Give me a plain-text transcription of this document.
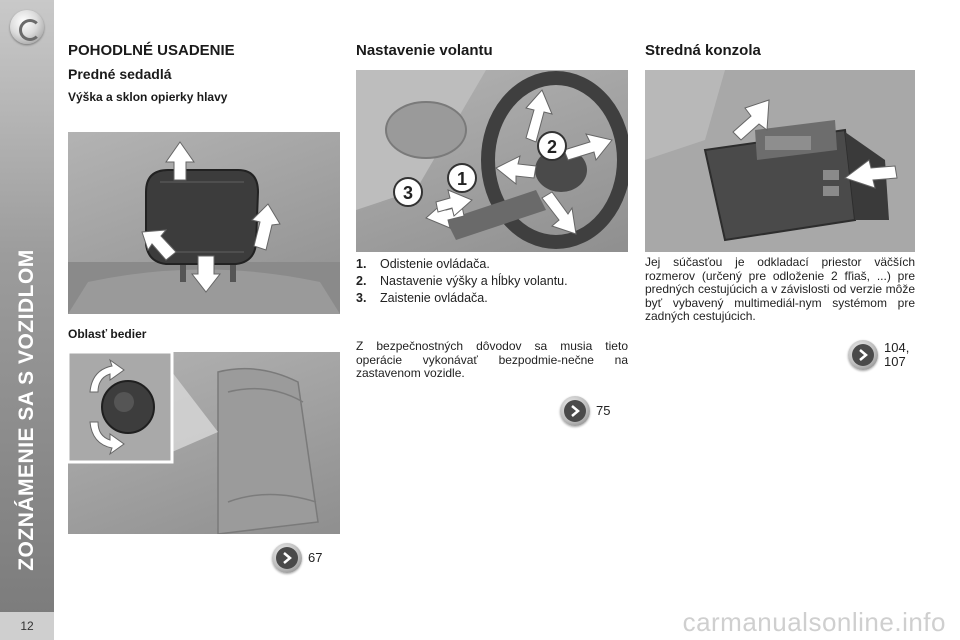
ZOZNÁMENIE SA S VOZIDLOM
12
POHODLNÉ USADENIE
Predné sedadlá
Výška a sklon opierky hlavy
Oblasť bedier
67
Nastavenie volantu
1
2
3
1. Odistenie ovládača.
2. Nastavenie výšky a hĺbky volantu.
3. Zaistenie ovládača.
Z bezpečnostných dôvodov sa musia tieto operácie vykonávať bezpodmie-nečne na zastavenom vozidle.
75
Stredná konzola
Jej súčasťou je odkladací priestor väčších rozmerov (určený pre odloženie 2 fľiaš, ...) pre predných cestujúcich a v závislosti od verzie môže byť vybavený multimediál-nym systémom pre zadných cestujúcich.
104,
107
carmanualsonline.info
